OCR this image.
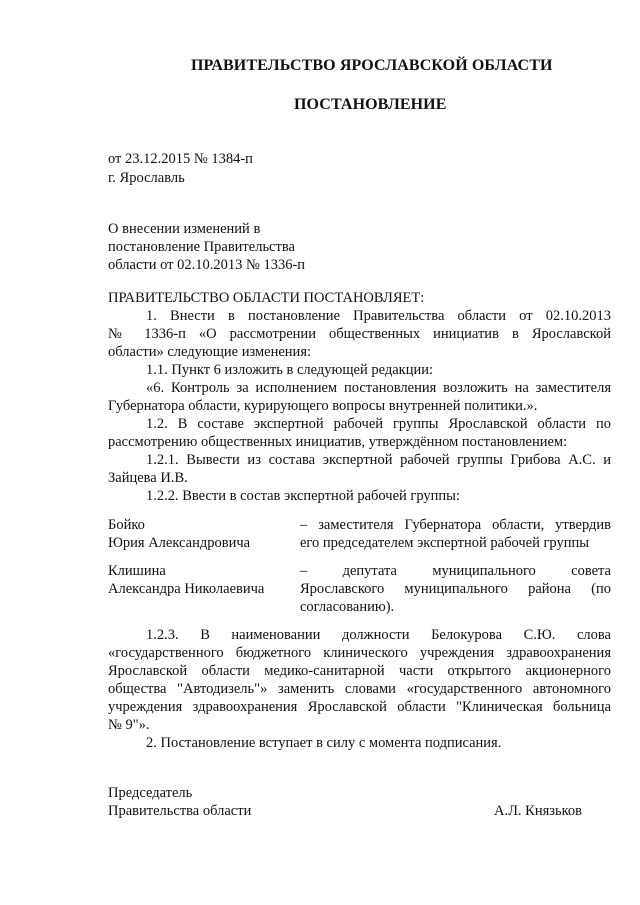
ПРАВИТЕЛЬСТВО ЯРОСЛАВСКОЙ ОБЛАСТИ
ПОСТАНОВЛЕНИЕ
от 23.12.2015 № 1384-п
г. Ярославль
О внесении изменений в
постановление Правительства
области от 02.10.2013 № 1336-п
ПРАВИТЕЛЬСТВО ОБЛАСТИ ПОСТАНОВЛЯЕТ:
1. Внести в постановление Правительства области от 02.10.2013
№ 1336-п «О рассмотрении общественных инициатив в Ярославской
области» следующие изменения:
1.1. Пункт 6 изложить в следующей редакции:
«6. Контроль за исполнением постановления возложить на заместителя
Губернатора области, курирующего вопросы внутренней политики.».
1.2. В составе экспертной рабочей группы Ярославской области по
рассмотрению общественных инициатив, утверждённом постановлением:
1.2.1. Вывести из состава экспертной рабочей группы Грибова А.С. и
Зайцева И.В.
1.2.2. Ввести в состав экспертной рабочей группы:
Бойко
Юрия Александровича
– заместителя Губернатора области, утвердив
его председателем экспертной рабочей группы
Клишина
Александра Николаевича
– депутата муниципального совета
Ярославского муниципального района (по
согласованию).
1.2.3. В наименовании должности Белокурова С.Ю. слова
«государственного бюджетного клинического учреждения здравоохранения
Ярославской области медико-санитарной части открытого акционерного
общества "Автодизель"» заменить словами «государственного автономного
учреждения здравоохранения Ярославской области "Клиническая больница
№ 9"».
2. Постановление вступает в силу с момента подписания.
Председатель
Правительства области	А.Л. Князьков
